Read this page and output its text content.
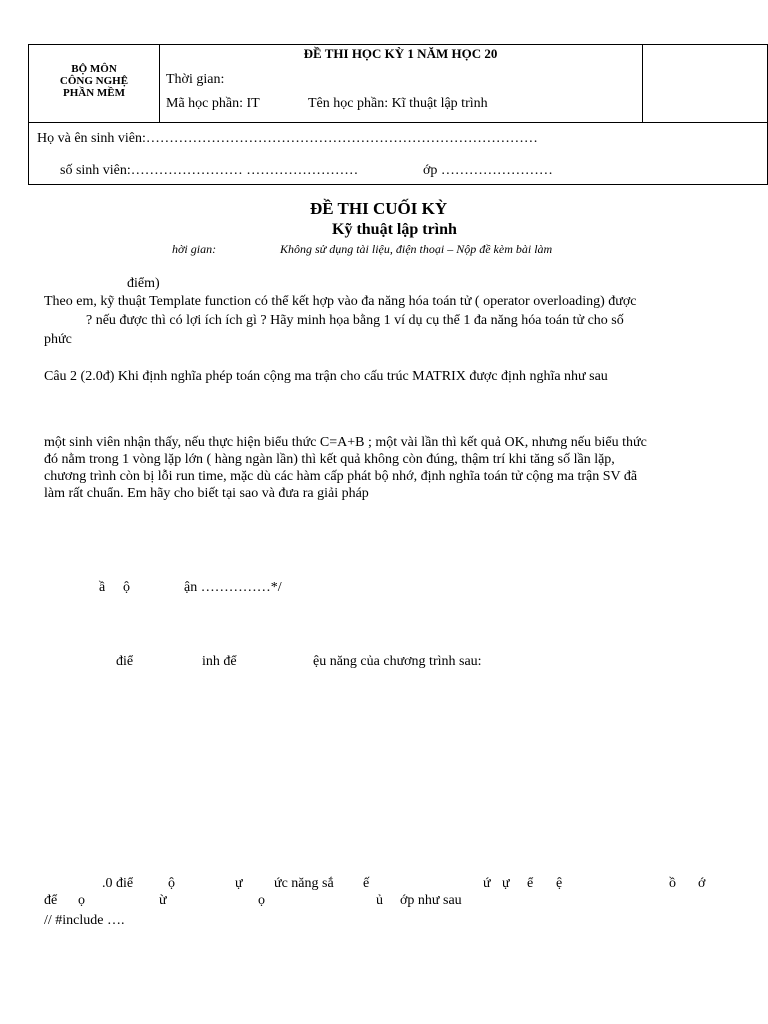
BỘ MÔN
CÔNG NGHỆ
PHẦN MỀM
ĐỀ THI HỌC KỲ 1 NĂM HỌC 20
Thời gian:
Mã học phần: IT	Tên học phần: Kĩ thuật lập trình
Họ và ên sinh viên:…………………………………………………………………………
số sinh viên:…………………… ……………………	ớp ……………………
ĐỀ THI CUỐI KỲ
Kỹ thuật lập trình
hời gian:	Không sử dụng tài liệu, điện thoại – Nộp đề kèm bài làm
điểm)
Theo em, kỹ thuật Template function có thể kết hợp vào đa năng hóa toán tử ( operator overloading) được
? nếu được thì có lợi ích ích gì ? Hãy minh họa bằng 1 ví dụ cụ thể 1 đa năng hóa toán tử cho số
phức
Câu 2 (2.0đ) Khi định nghĩa phép toán cộng ma trận cho cấu trúc MATRIX được định nghĩa như sau
một sinh viên nhận thấy, nếu thực hiện biểu thức C=A+B ; một vài lần thì kết quả OK, nhưng nếu biểu thức
đó nằm trong 1 vòng lặp lớn ( hàng ngàn lần) thì kết quả không còn đúng, thậm trí khi tăng số lần lặp,
chương trình còn bị lỗi run time, mặc dù các hàm cấp phát bộ nhớ, định nghĩa toán tử cộng ma trận SV đã
làm rất chuẩn. Em hãy cho biết tại sao và đưa ra giải pháp
ầ ộ	ận ……………*/
điể	inh để	ệu năng của chương trình sau:
.0 điể ộ	ự ức năng sắ ế	ứ ự ể ệ	ồ ớ
để ọ	ừ	ọ	ủ ớp như sau
// #include ….
